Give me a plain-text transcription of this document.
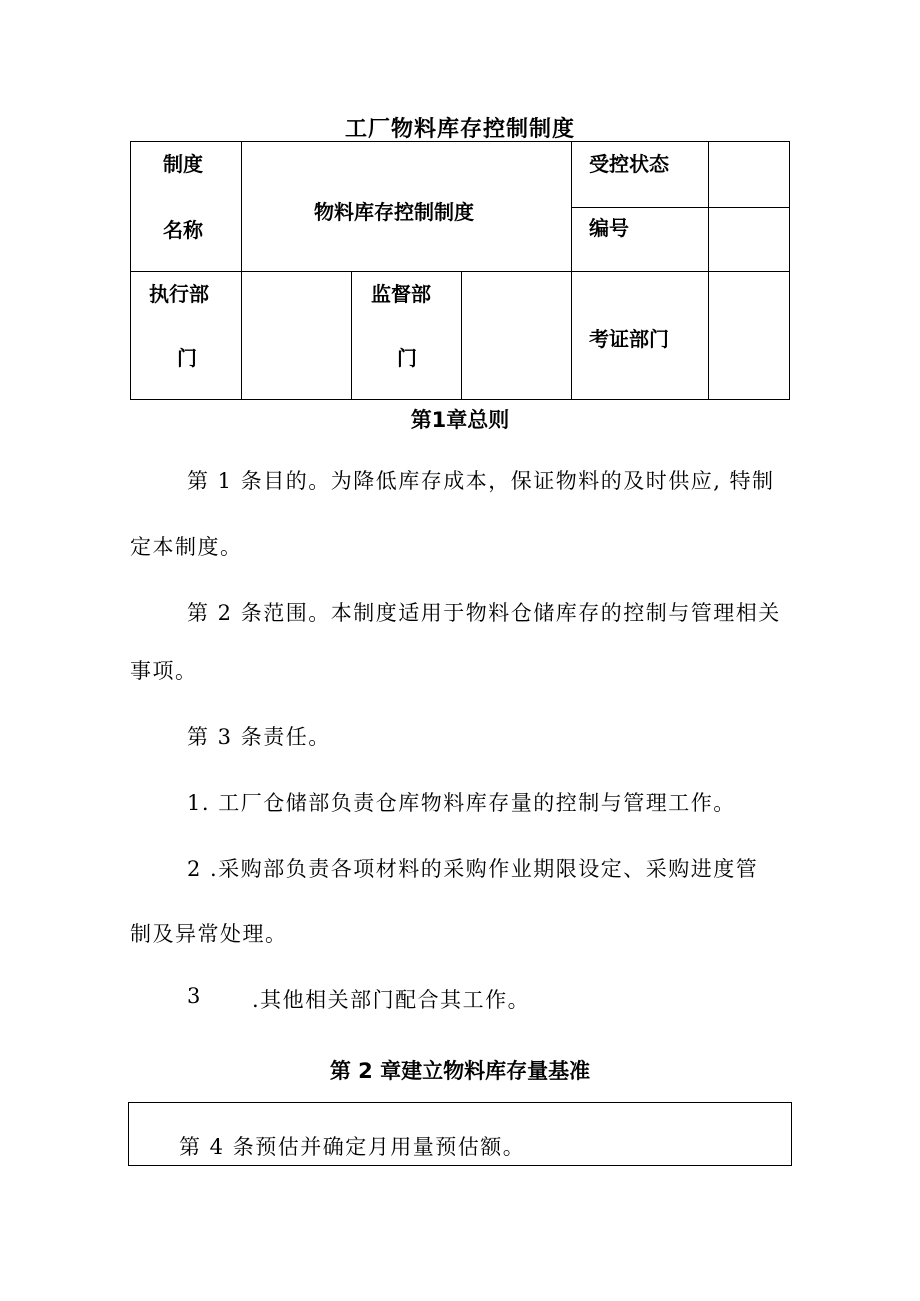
工厂物料库存控制制度
制度
名称
物料库存控制制度
受控状态
编号
执行部
门
监督部
门
考证部门
第1章总则
第 1 条目的。为降低库存成本，保证物料的及时供应, 特制
定本制度。
第 2 条范围。本制度适用于物料仓储库存的控制与管理相关
事项。
第 3 条责任。
1. 工厂仓储部负责仓库物料库存量的控制与管理工作。
2 .采购部负责各项材料的采购作业期限设定、采购进度管
制及异常处理。
3 .其他相关部门配合其工作。
第 2 章建立物料库存量基准
第 4 条预估并确定月用量预估额。
